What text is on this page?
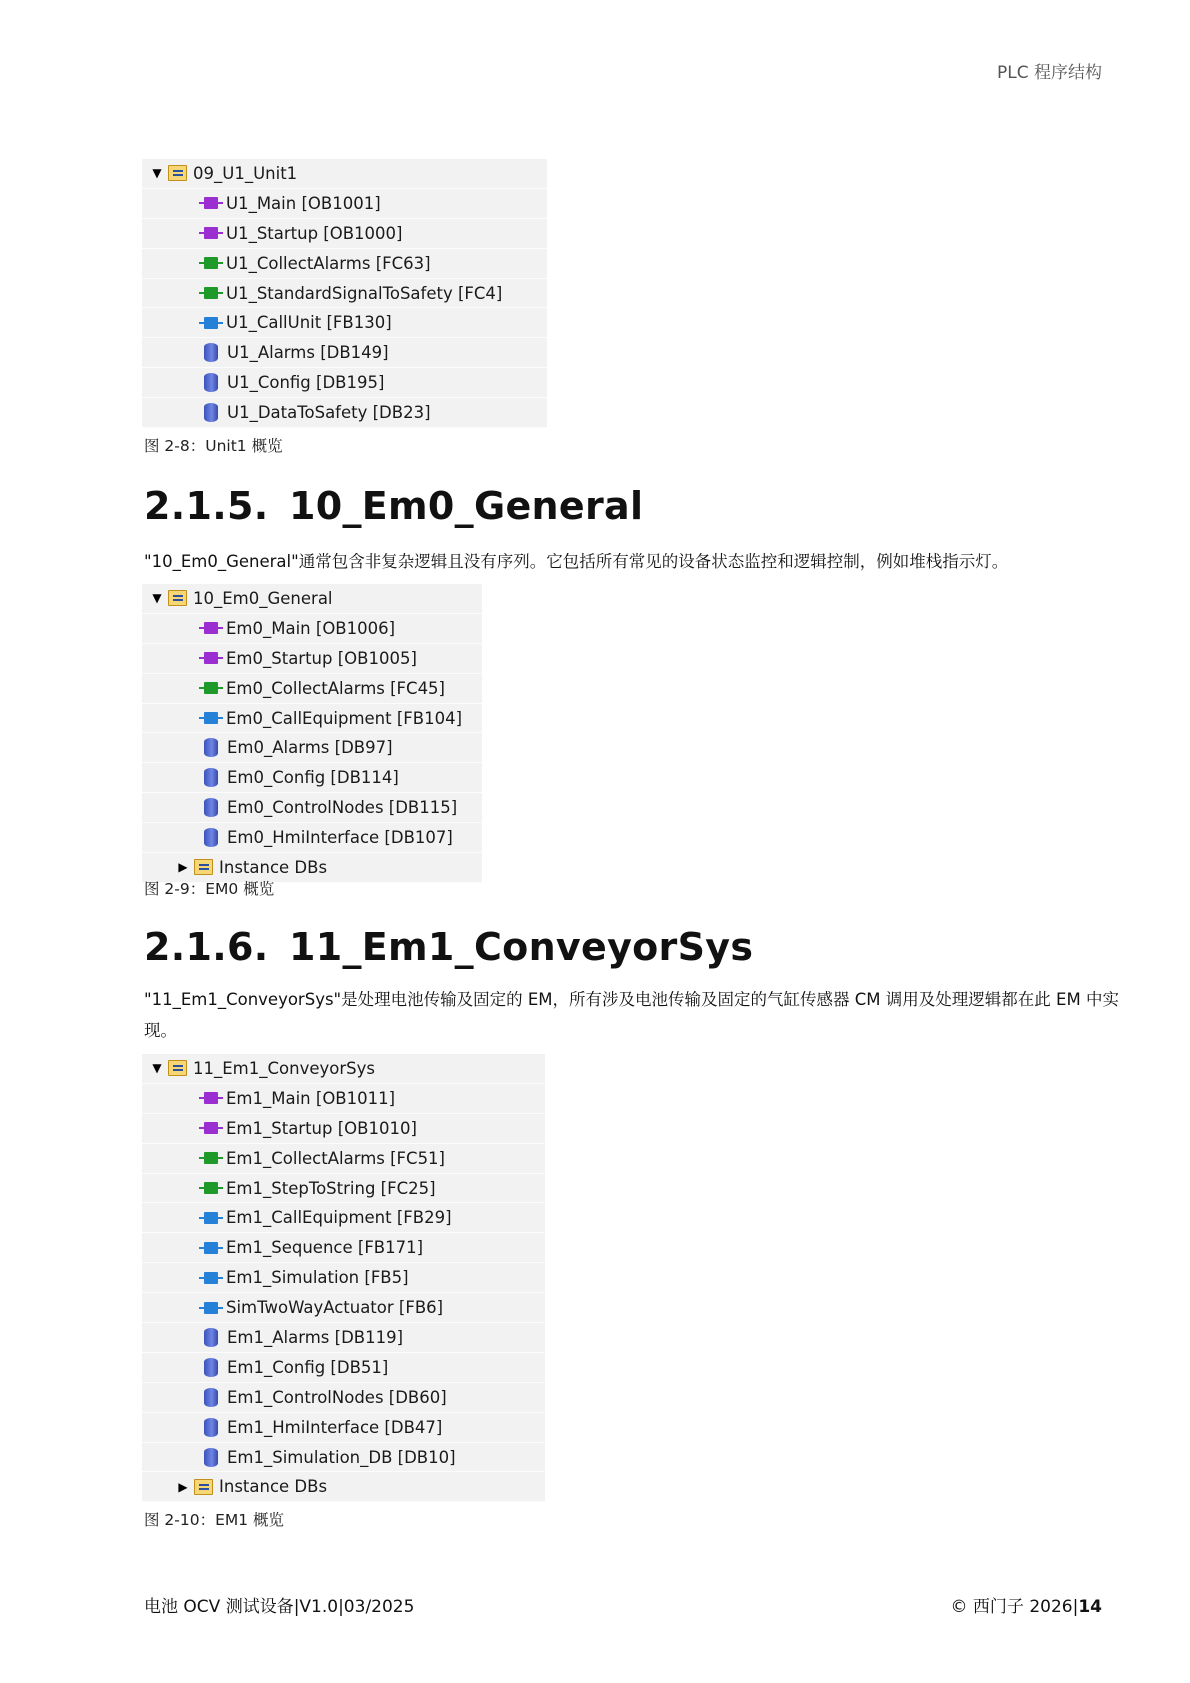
PLC 程序结构
▼ 09_U1_Unit1
U1_Main [OB1001]
U1_Startup [OB1000]
U1_CollectAlarms [FC63]
U1_StandardSignalToSafety [FC4]
U1_CallUnit [FB130]
U1_Alarms [DB149]
U1_Config [DB195]
U1_DataToSafety [DB23]
图 2-8：Unit1 概览
2.1.5. 10_Em0_General
"10_Em0_General"通常包含非复杂逻辑且没有序列。它包括所有常见的设备状态监控和逻辑控制，例如堆栈指示灯。
▼ 10_Em0_General
Em0_Main [OB1006]
Em0_Startup [OB1005]
Em0_CollectAlarms [FC45]
Em0_CallEquipment [FB104]
Em0_Alarms [DB97]
Em0_Config [DB114]
Em0_ControlNodes [DB115]
Em0_HmiInterface [DB107]
▶ Instance DBs
图 2-9：EM0 概览
2.1.6. 11_Em1_ConveyorSys
"11_Em1_ConveyorSys"是处理电池传输及固定的 EM，所有涉及电池传输及固定的气缸传感器 CM 调用及处理逻辑都在此 EM 中实现。
▼ 11_Em1_ConveyorSys
Em1_Main [OB1011]
Em1_Startup [OB1010]
Em1_CollectAlarms [FC51]
Em1_StepToString [FC25]
Em1_CallEquipment [FB29]
Em1_Sequence [FB171]
Em1_Simulation [FB5]
SimTwoWayActuator [FB6]
Em1_Alarms [DB119]
Em1_Config [DB51]
Em1_ControlNodes [DB60]
Em1_HmiInterface [DB47]
Em1_Simulation_DB [DB10]
▶ Instance DBs
图 2-10：EM1 概览
电池 OCV 测试设备|V1.0|03/2025	© 西门子 2026|14
